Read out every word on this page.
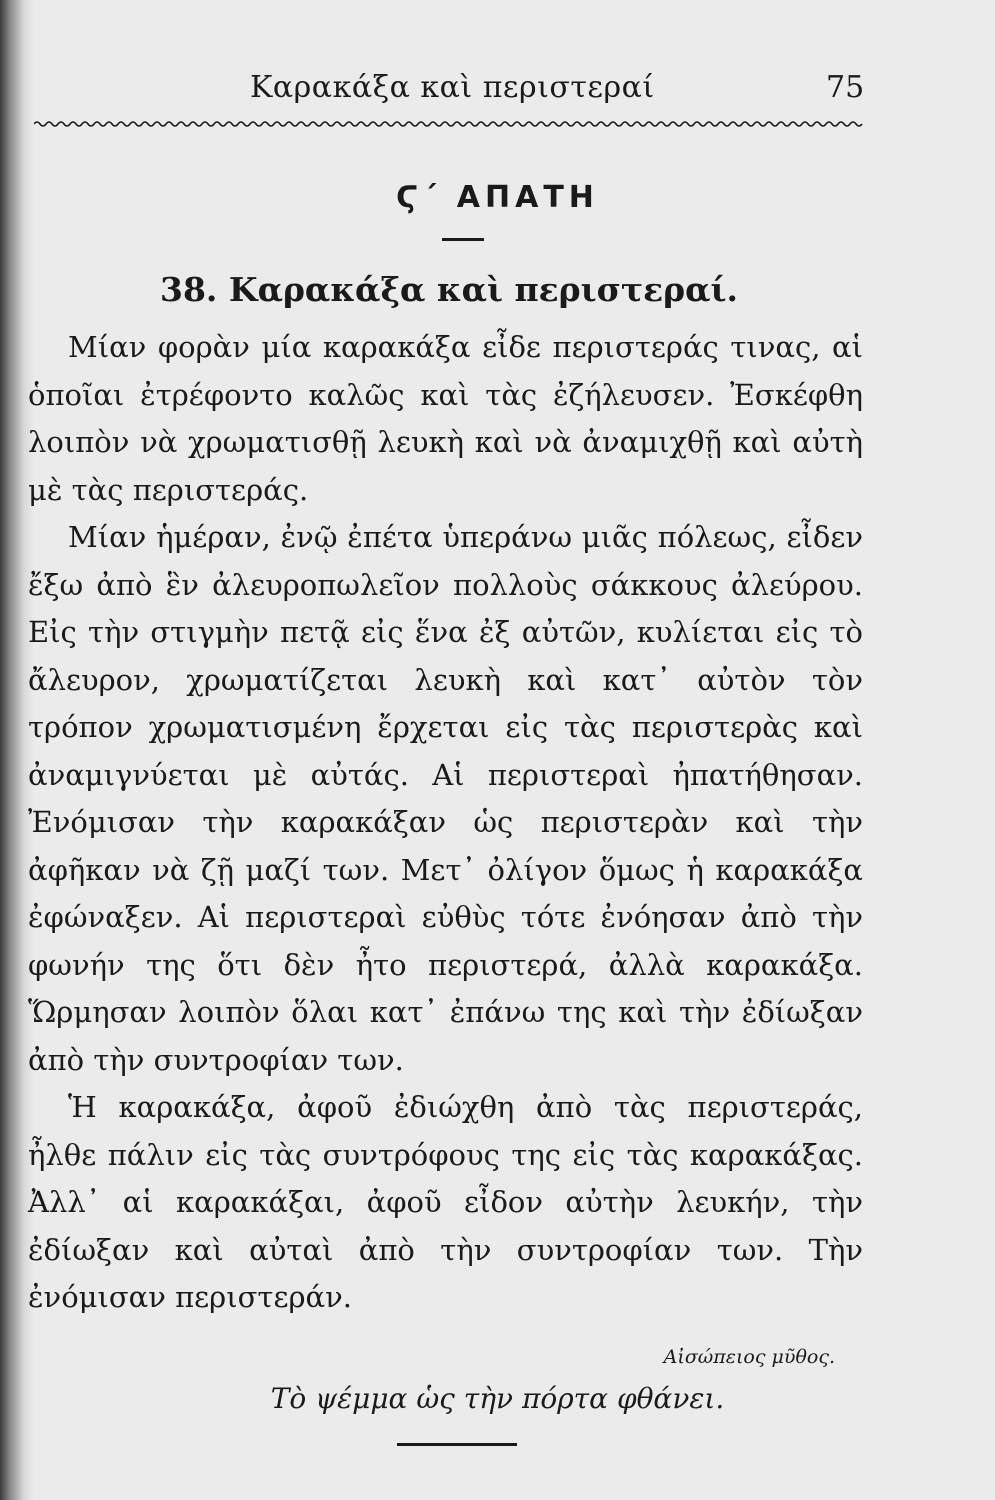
Καρακάξα καὶ περιστεραί	75
Ϛ΄ ΑΠΑΤΗ
38. Καρακάξα καὶ περιστεραί.

Μίαν φορὰν μία καρακάξα εἶδε περιστεράς τινας, αἱ ὁποῖαι ἐτρέφοντο καλῶς καὶ τὰς ἐζήλευσεν. Ἐσκέφθη λοιπὸν νὰ χρωματισθῇ λευκὴ καὶ νὰ ἀναμιχθῇ καὶ αὐτὴ μὲ τὰς περιστεράς.

Μίαν ἡμέραν, ἐνῷ ἐπέτα ὑπεράνω μιᾶς πόλεως, εἶδεν ἔξω ἀπὸ ἓν ἀλευροπωλεῖον πολλοὺς σάκκους ἀλεύρου. Εἰς τὴν στιγμὴν πετᾷ εἰς ἕνα ἐξ αὐτῶν, κυλίεται εἰς τὸ ἄλευρον, χρωματίζεται λευκὴ καὶ κατ᾽ αὐτὸν τὸν τρόπον χρωματισμένη ἔρχεται εἰς τὰς περιστερὰς καὶ ἀναμιγνύεται μὲ αὐτάς. Αἱ περιστεραὶ ἠπατήθησαν. Ἐνόμισαν τὴν καρακάξαν ὡς περιστερὰν καὶ τὴν ἀφῆκαν νὰ ζῇ μαζί των. Μετ᾽ ὀλίγον ὅμως ἡ καρακάξα ἐφώναξεν. Αἱ περιστεραὶ εὐθὺς τότε ἐνόησαν ἀπὸ τὴν φωνήν της ὅτι δὲν ἦτο περιστερά, ἀλλὰ καρακάξα. Ὥρμησαν λοιπὸν ὅλαι κατ᾽ ἐπάνω της καὶ τὴν ἐδίωξαν ἀπὸ τὴν συντροφίαν των.

Ἡ καρακάξα, ἀφοῦ ἐδιώχθη ἀπὸ τὰς περιστεράς, ἦλθε πάλιν εἰς τὰς συντρόφους της εἰς τὰς καρακάξας. Ἀλλ᾽ αἱ καρακάξαι, ἀφοῦ εἶδον αὐτὴν λευκήν, τὴν ἐδίωξαν καὶ αὐταὶ ἀπὸ τὴν συντροφίαν των. Τὴν ἐνόμισαν περιστεράν.

Αἰσώπειος μῦθος.
Τὸ ψέμμα ὡς τὴν πόρτα φθάνει.
